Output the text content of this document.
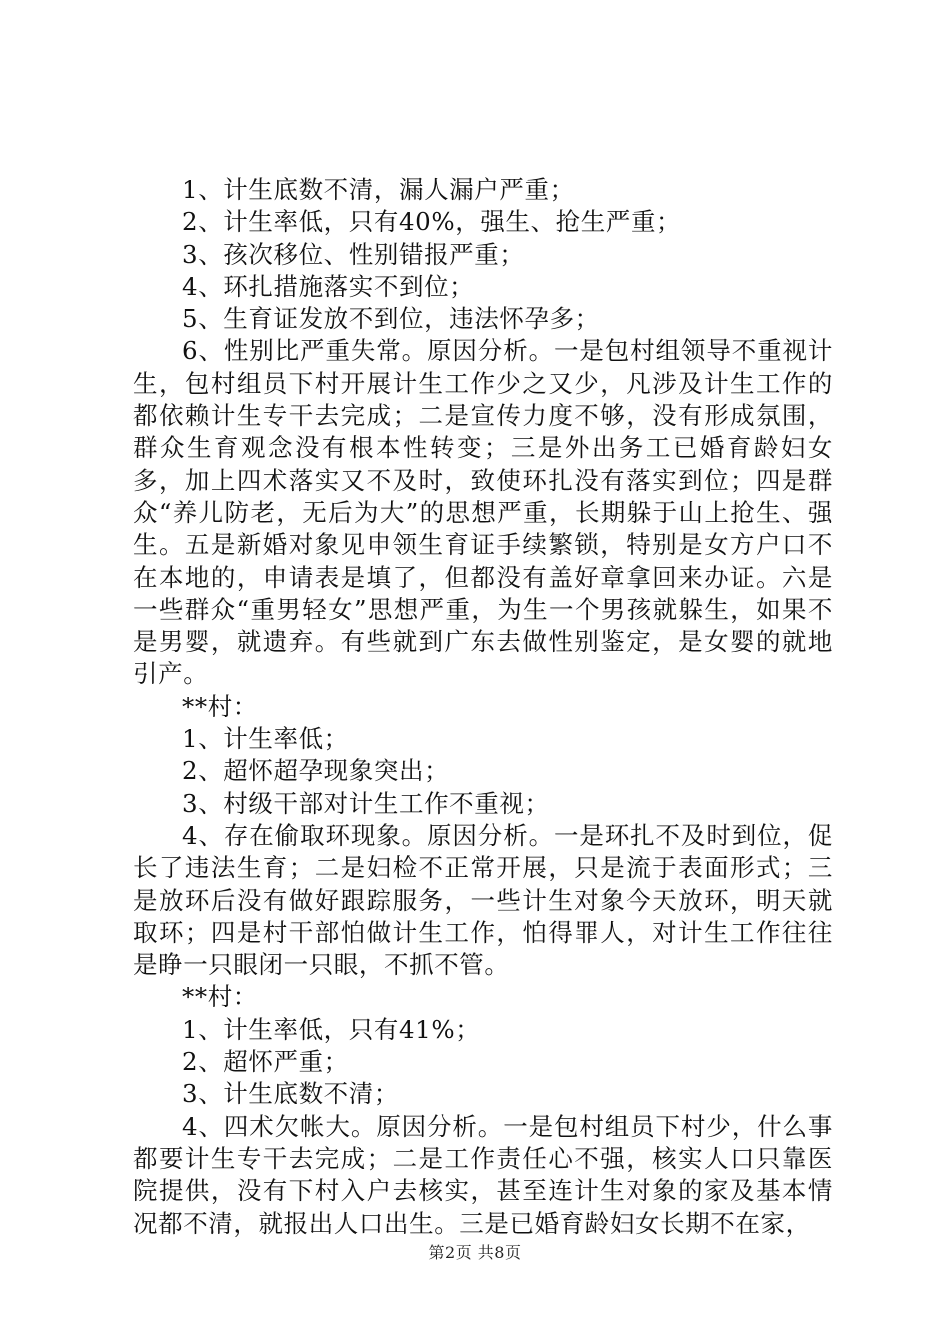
1、计生底数不清，漏人漏户严重；

2、计生率低，只有40%，强生、抢生严重；

3、孩次移位、性别错报严重；

4、环扎措施落实不到位；

5、生育证发放不到位，违法怀孕多；

6、性别比严重失常。原因分析。一是包村组领导不重视计生，包村组员下村开展计生工作少之又少，凡涉及计生工作的都依赖计生专干去完成；二是宣传力度不够，没有形成氛围，群众生育观念没有根本性转变；三是外出务工已婚育龄妇女多，加上四术落实又不及时，致使环扎没有落实到位；四是群众“养儿防老，无后为大”的思想严重，长期躲于山上抢生、强生。五是新婚对象见申领生育证手续繁锁，特别是女方户口不在本地的，申请表是填了，但都没有盖好章拿回来办证。六是一些群众“重男轻女”思想严重，为生一个男孩就躲生，如果不是男婴，就遗弃。有些就到广东去做性别鉴定，是女婴的就地引产。

**村：

1、计生率低；

2、超怀超孕现象突出；

3、村级干部对计生工作不重视；

4、存在偷取环现象。原因分析。一是环扎不及时到位，促长了违法生育；二是妇检不正常开展，只是流于表面形式；三是放环后没有做好跟踪服务，一些计生对象今天放环，明天就取环；四是村干部怕做计生工作，怕得罪人，对计生工作往往是睁一只眼闭一只眼，不抓不管。

**村：

1、计生率低，只有41%；

2、超怀严重；

3、计生底数不清；

4、四术欠帐大。原因分析。一是包村组员下村少，什么事都要计生专干去完成；二是工作责任心不强，核实人口只靠医院提供，没有下村入户去核实，甚至连计生对象的家及基本情况都不清，就报出人口出生。三是已婚育龄妇女长期不在家，

第2页 共8页
